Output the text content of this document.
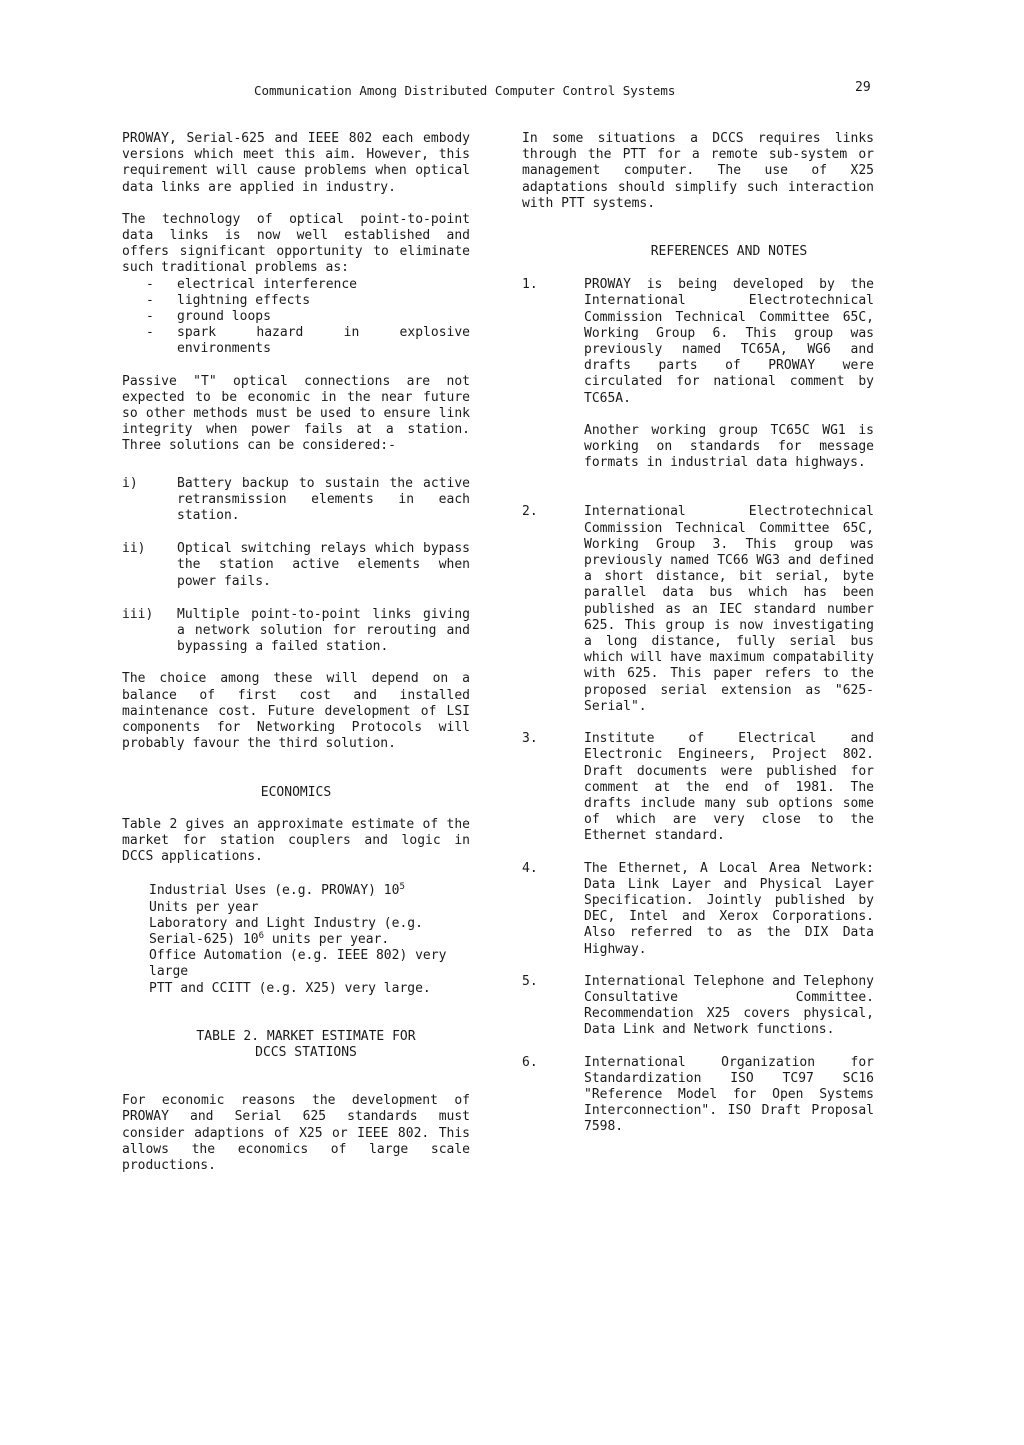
Communication Among Distributed Computer Control Systems	29

PROWAY, Serial-625 and IEEE 802 each embody versions which meet this aim. However, this requirement will cause problems when optical data links are applied in industry.

The technology of optical point-to-point data links is now well established and offers significant opportunity to eliminate such traditional problems as:

- electrical interference
- lightning effects
- ground loops
- spark hazard in explosive environments

Passive "T" optical connections are not expected to be economic in the near future so other methods must be used to ensure link integrity when power fails at a station. Three solutions can be considered:-

i)	Battery backup to sustain the active retransmission elements in each station.
ii)	Optical switching relays which bypass the station active elements when power fails.
iii)	Multiple point-to-point links giving a network solution for rerouting and bypassing a failed station.

The choice among these will depend on a balance of first cost and installed maintenance cost. Future development of LSI components for Networking Protocols will probably favour the third solution.

ECONOMICS

Table 2 gives an approximate estimate of the market for station couplers and logic in DCCS applications.

Industrial Uses (e.g. PROWAY) $10^5$
Units per year
Laboratory and Light Industry (e.g. Serial-625) $10^6$ units per year.
Office Automation (e.g. IEEE 802) very large
PTT and CCITT (e.g. X25) very large.
TABLE 2. MARKET ESTIMATE FOR
DCCS STATIONS

For economic reasons the development of PROWAY and Serial 625 standards must consider adaptions of X25 or IEEE 802. This allows the economics of large scale productions.

In some situations a DCCS requires links through the PTT for a remote sub-system or management computer. The use of X25 adaptations should simplify such interaction with PTT systems.

REFERENCES AND NOTES

1.	PROWAY is being developed by the International Electrotechnical Commission Technical Committee 65C, Working Group 6. This group was previously named TC65A, WG6 and drafts parts of PROWAY were circulated for national comment by TC65A.

Another working group TC65C WG1 is working on standards for message formats in industrial data highways.

2.	International Electrotechnical Commission Technical Committee 65C, Working Group 3. This group was previously named TC66 WG3 and defined a short distance, bit serial, byte parallel data bus which has been published as an IEC standard number 625. This group is now investigating a long distance, fully serial bus which will have maximum compatability with 625. This paper refers to the proposed serial extension as "625-Serial".
3.	Institute of Electrical and Electronic Engineers, Project 802. Draft documents were published for comment at the end of 1981. The drafts include many sub options some of which are very close to the Ethernet standard.
4.	The Ethernet, A Local Area Network: Data Link Layer and Physical Layer Specification. Jointly published by DEC, Intel and Xerox Corporations. Also referred to as the DIX Data Highway.
5.	International Telephone and Telephony Consultative Committee. Recommendation X25 covers physical, Data Link and Network functions.
6.	International Organization for Standardization ISO TC97 SC16 "Reference Model for Open Systems Interconnection". ISO Draft Proposal 7598.
